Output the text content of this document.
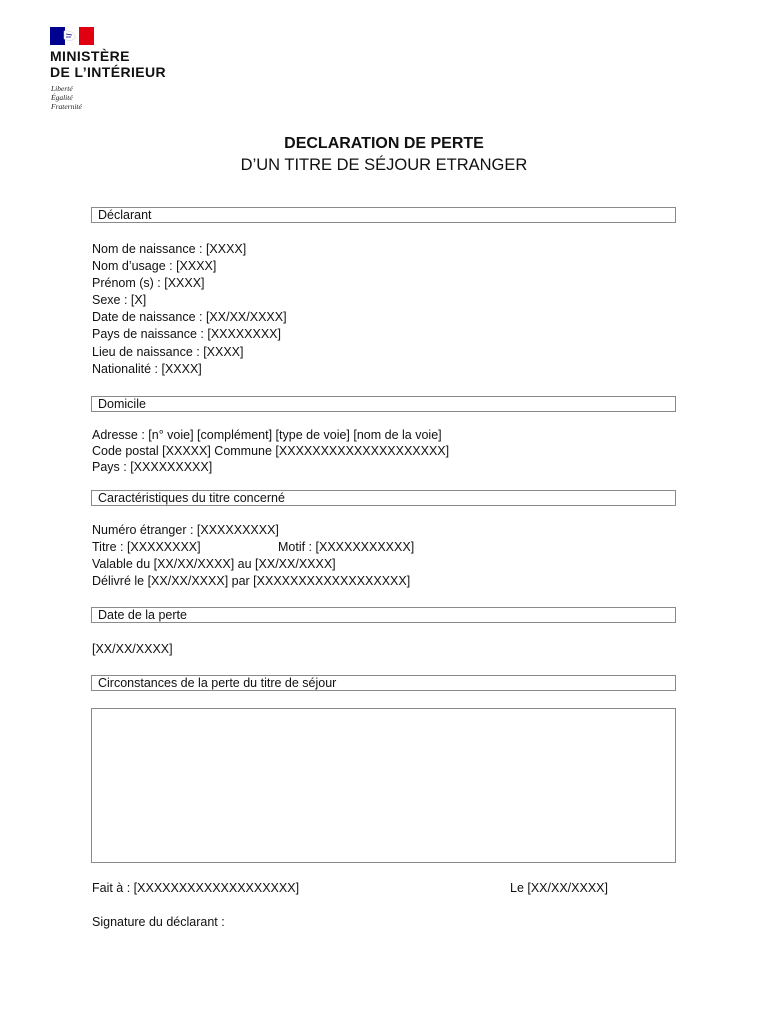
MINISTÈRE
DE L’INTÉRIEUR
Liberté
Égalité
Fraternité
DECLARATION DE PERTE
D’UN TITRE DE SÉJOUR ETRANGER
Déclarant
Nom de naissance : [XXXX]
Nom d’usage : [XXXX]
Prénom (s) : [XXXX]
Sexe : [X]
Date de naissance : [XX/XX/XXXX]
Pays de naissance : [XXXXXXXX]
Lieu de naissance : [XXXX]
Nationalité : [XXXX]
Domicile
Adresse : [n° voie] [complément] [type de voie] [nom de la voie]
Code postal [XXXXX] Commune [XXXXXXXXXXXXXXXXXXXX]
Pays : [XXXXXXXXX]
Caractéristiques du titre concerné
Numéro étranger : [XXXXXXXXX]
Titre : [XXXXXXXX]	Motif : [XXXXXXXXXXX]
Valable du [XX/XX/XXXX] au [XX/XX/XXXX]
Délivré le [XX/XX/XXXX] par [XXXXXXXXXXXXXXXXXX]
Date de la perte
[XX/XX/XXXX]
Circonstances de la perte du titre de séjour
Fait à : [XXXXXXXXXXXXXXXXXXX]	Le [XX/XX/XXXX]
Signature du déclarant :
